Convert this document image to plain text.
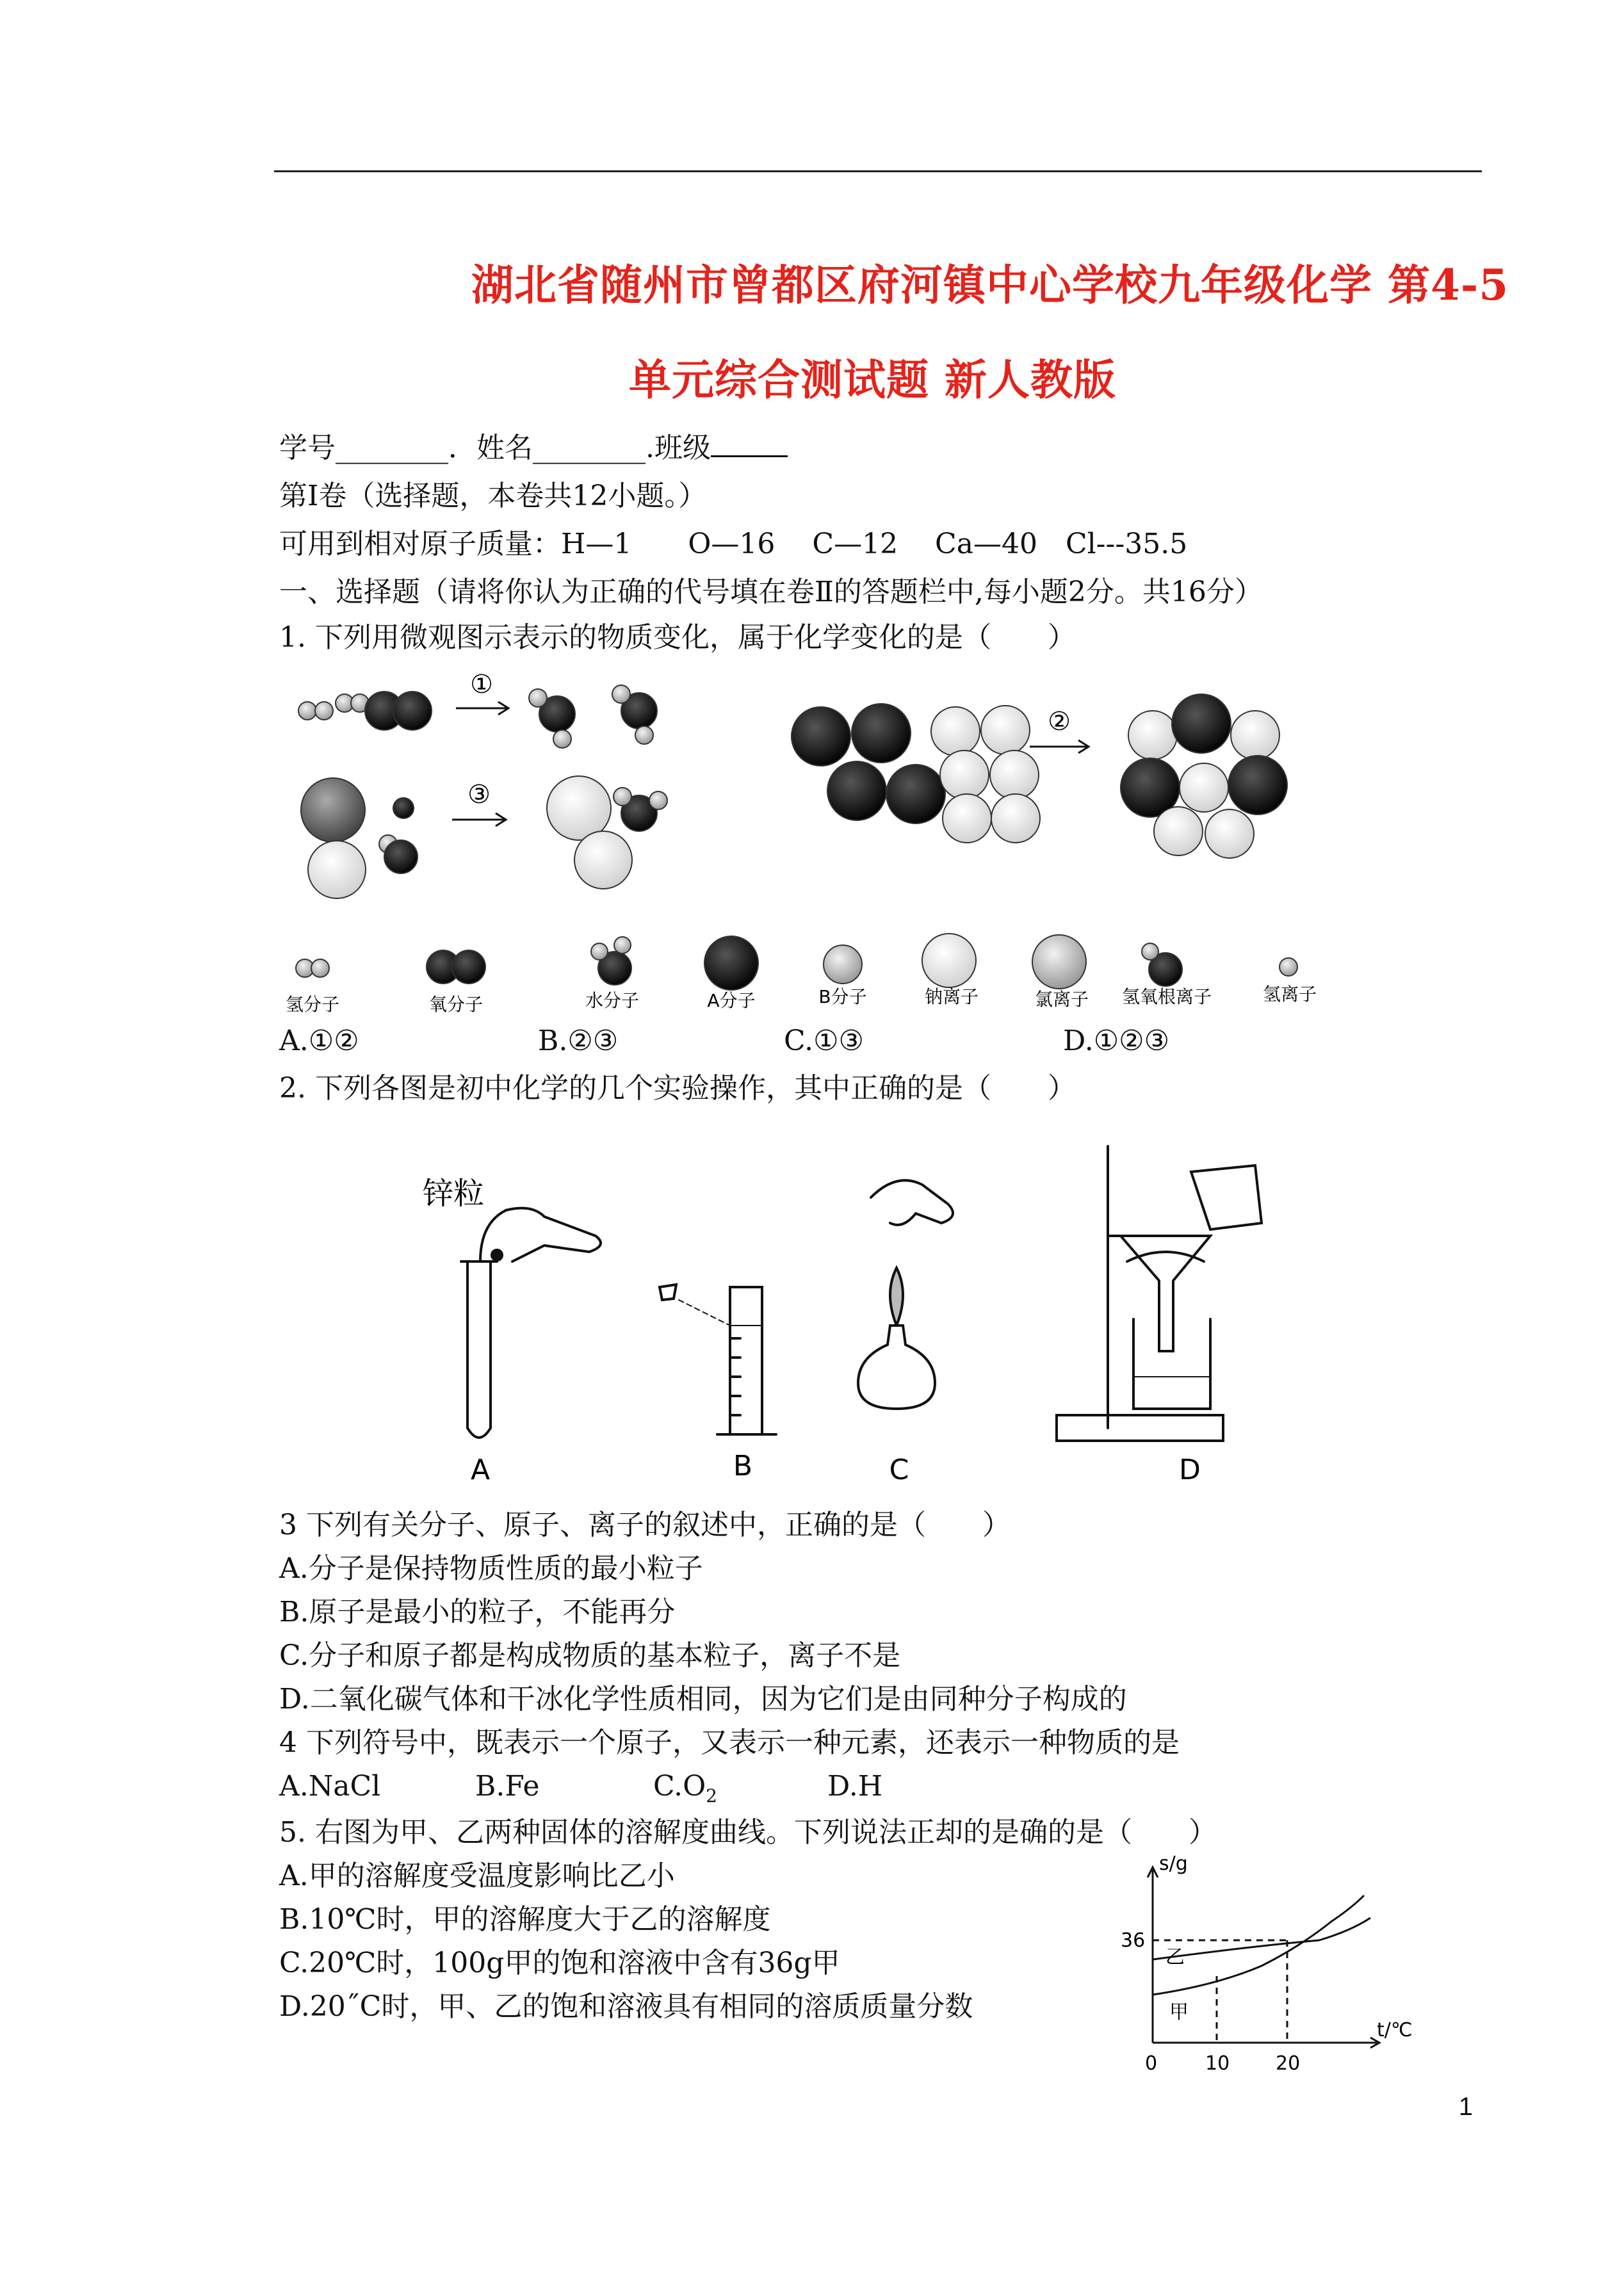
湖北省随州市曾都区府河镇中心学校九年级化学 第4-5
单元综合测试题 新人教版
学号________．姓名________.班级
第Ⅰ卷（选择题，本卷共12小题。）
可用到相对原子质量：H—1　　O—16　 C—12　 Ca—40　Cl---35.5
一、选择题（请将你认为正确的代号填在卷Ⅱ的答题栏中,每小题2分。共16分）
1. 下列用微观图示表示的物质变化，属于化学变化的是（　　）
①
③
②
氢分子	氧分子	水分子	A分子	B分子	钠离子	氯离子 氢氧根离子	氢离子
A.①②	B.②③	C.①③	D.①②③
2. 下列各图是初中化学的几个实验操作，其中正确的是（　　）
锌粒
A	B	C	D
3 下列有关分子、原子、离子的叙述中，正确的是（　　）
A.分子是保持物质性质的最小粒子
B.原子是最小的粒子，不能再分
C.分子和原子都是构成物质的基本粒子，离子不是
D.二氧化碳气体和干冰化学性质相同，因为它们是由同种分子构成的
4 下列符号中，既表示一个原子，又表示一种元素，还表示一种物质的是
A.NaCl	B.Fe	$C.O_2$	D.H
5. 右图为甲、乙两种固体的溶解度曲线。下列说法正却的是确的是（　　）
A.甲的溶解度受温度影响比乙小
B.10℃时，甲的溶解度大于乙的溶解度
C.20℃时，100g甲的饱和溶液中含有36g甲
D.20˝C时，甲、乙的饱和溶液具有相同的溶质质量分数
s/g
t/℃
36
0 10 20
乙
甲
1
